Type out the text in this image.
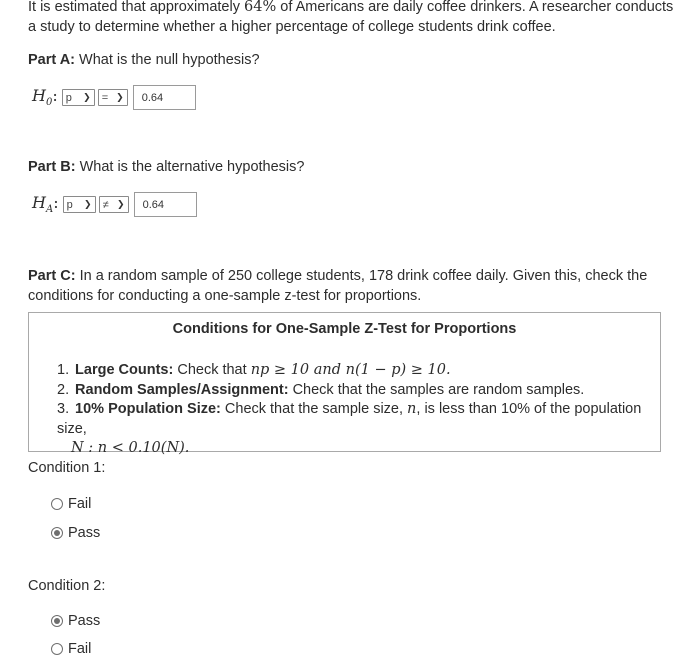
It is estimated that approximately 64% of Americans are daily coffee drinkers. A researcher conducts a study to determine whether a higher percentage of college students drink coffee.

Part A: What is the null hypothesis?
$H_0$: p ❯ = ❯ 0.64
Part B: What is the alternative hypothesis?
$H_A$: p ❯ ≠ ❯ 0.64
Part C: In a random sample of 250 college students, 178 drink coffee daily. Given this, check the conditions for conducting a one-sample z-test for proportions.
Conditions for One-Sample Z-Test for Proportions
1. Large Counts: Check that np ≥ 10 and n(1 − p) ≥ 10.
2. Random Samples/Assignment: Check that the samples are random samples.
3. 10% Population Size: Check that the sample size, n, is less than 10% of the population size,
N : n < 0.10(N).
Condition 1:
Fail
Pass
Condition 2:
Pass
Fail
